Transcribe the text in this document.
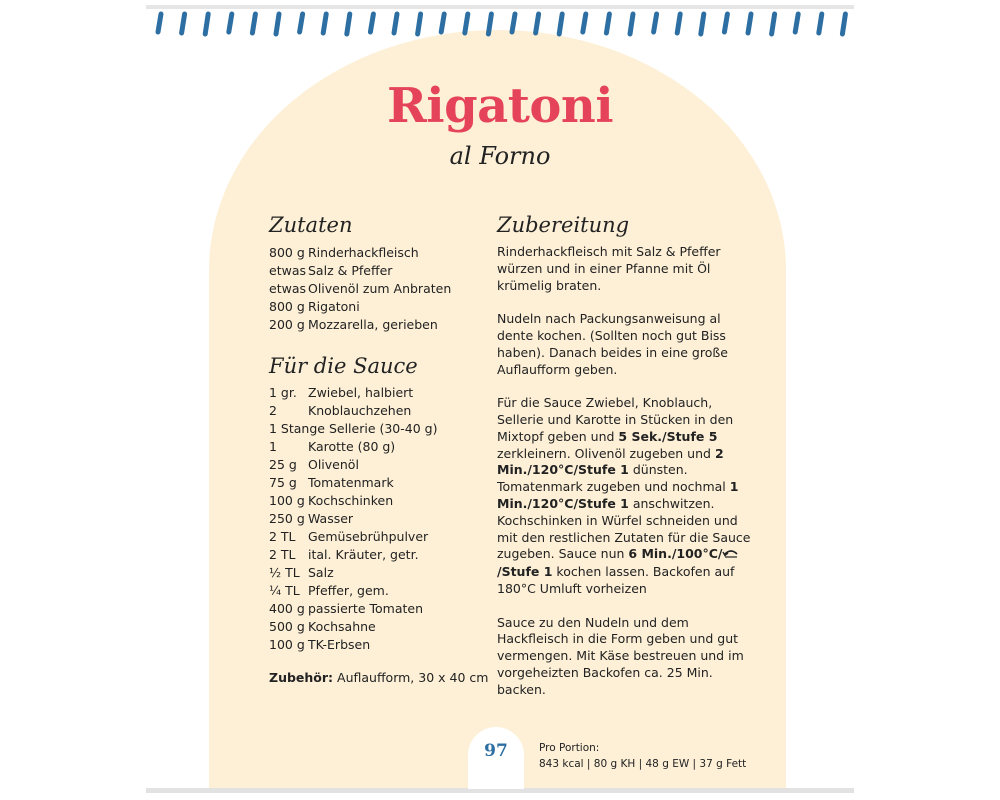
Rigatoni
al Forno
Zutaten
800 g Rinderhackfleisch
etwas Salz & Pfeffer
etwas Olivenöl zum Anbraten
800 g Rigatoni
200 g Mozzarella, gerieben
Für die Sauce
1 gr. Zwiebel, halbiert
2	Knoblauchzehen
1 Stange Sellerie (30-40 g)
1	Karotte (80 g)
25 g Olivenöl
75 g Tomatenmark
100 g Kochschinken
250 g Wasser
2 TL Gemüsebrühpulver
2 TL ital. Kräuter, getr.
½ TL Salz
¼ TL Pfeffer, gem.
400 g passierte Tomaten
500 g Kochsahne
100 g TK-Erbsen
Zubehör: Auflaufform, 30 x 40 cm
Zubereitung

Rinderhackfleisch mit Salz & Pfeffer würzen und in einer Pfanne mit Öl krümelig braten.

Nudeln nach Packungsanweisung al dente kochen. (Sollten noch gut Biss haben). Danach beides in eine große Auflaufform geben.

Für die Sauce Zwiebel, Knoblauch, Sellerie und Karotte in Stücken in den Mixtopf geben und 5 Sek./Stufe 5 zerkleinern. Olivenöl zugeben und 2 Min./120°C/Stufe 1 dünsten. Tomatenmark zugeben und nochmal 1 Min./120°C/Stufe 1 anschwitzen. Kochschinken in Würfel schneiden und mit den restlichen Zutaten für die Sauce zugeben. Sauce nun 6 Min./100°C//Stufe 1 kochen lassen. Backofen auf 180°C Umluft vorheizen

Sauce zu den Nudeln und dem Hackfleisch in die Form geben und gut vermengen. Mit Käse bestreuen und im vorgeheizten Backofen ca. 25 Min. backen.

97	Pro Portion:
843 kcal | 80 g KH | 48 g EW | 37 g Fett
